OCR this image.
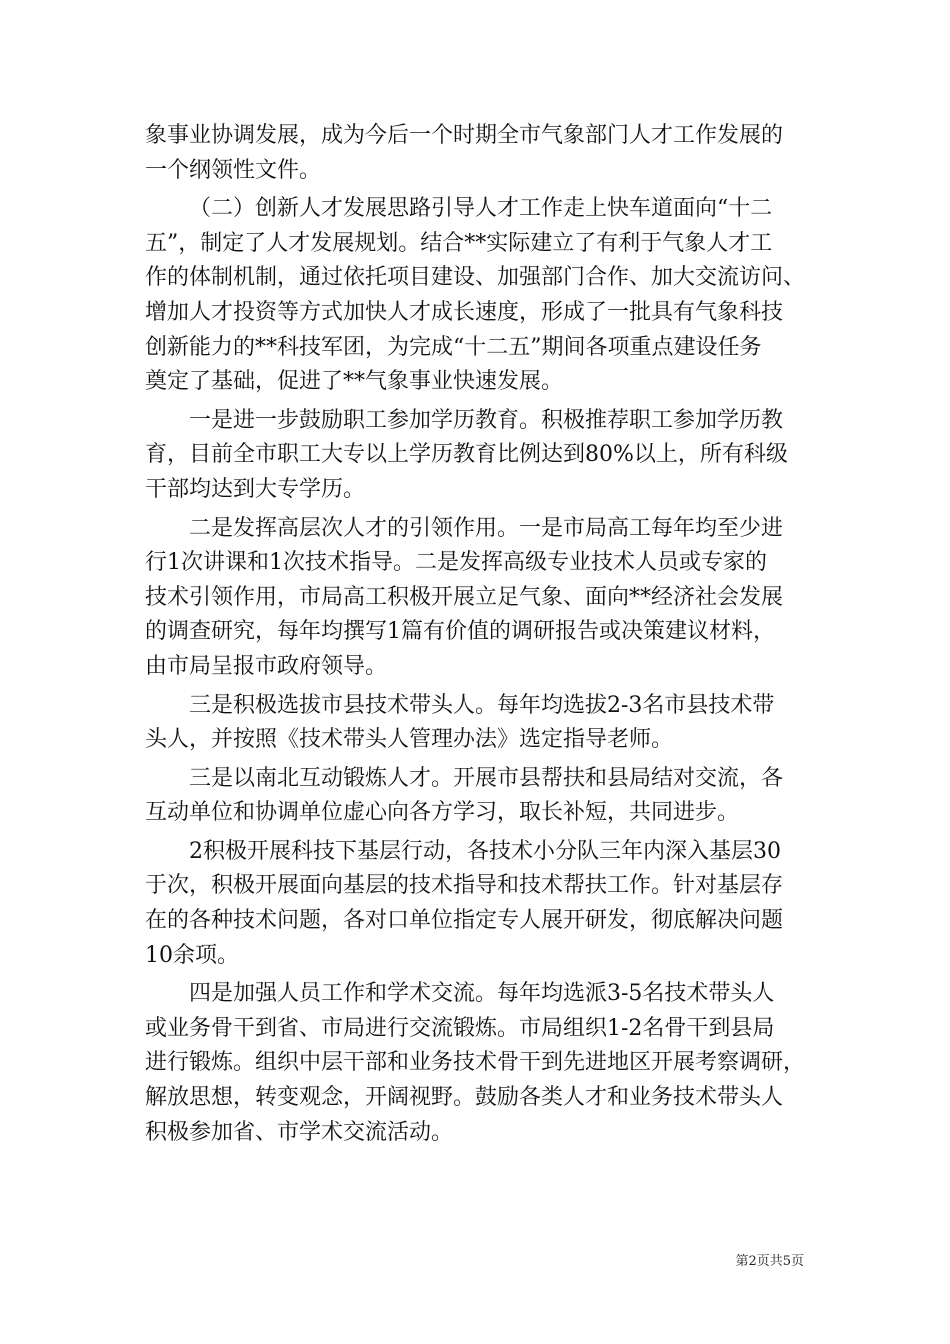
象事业协调发展，成为今后一个时期全市气象部门人才工作发展的
一个纲领性文件。
（二）创新人才发展思路引导人才工作走上快车道面向“十二
五”，制定了人才发展规划。结合**实际建立了有利于气象人才工
作的体制机制，通过依托项目建设、加强部门合作、加大交流访问、
增加人才投资等方式加快人才成长速度，形成了一批具有气象科技
创新能力的**科技军团，为完成“十二五”期间各项重点建设任务
奠定了基础，促进了**气象事业快速发展。
一是进一步鼓励职工参加学历教育。积极推荐职工参加学历教
育，目前全市职工大专以上学历教育比例达到80%以上，所有科级
干部均达到大专学历。
二是发挥高层次人才的引领作用。一是市局高工每年均至少进
行1次讲课和1次技术指导。二是发挥高级专业技术人员或专家的
技术引领作用，市局高工积极开展立足气象、面向**经济社会发展
的调查研究，每年均撰写1篇有价值的调研报告或决策建议材料，
由市局呈报市政府领导。
三是积极选拔市县技术带头人。每年均选拔2-3名市县技术带
头人，并按照《技术带头人管理办法》选定指导老师。
三是以南北互动锻炼人才。开展市县帮扶和县局结对交流，各
互动单位和协调单位虚心向各方学习，取长补短，共同进步。
2积极开展科技下基层行动，各技术小分队三年内深入基层30
于次，积极开展面向基层的技术指导和技术帮扶工作。针对基层存
在的各种技术问题，各对口单位指定专人展开研发，彻底解决问题
10余项。
四是加强人员工作和学术交流。每年均选派3-5名技术带头人
或业务骨干到省、市局进行交流锻炼。市局组织1-2名骨干到县局
进行锻炼。组织中层干部和业务技术骨干到先进地区开展考察调研，
解放思想，转变观念，开阔视野。鼓励各类人才和业务技术带头人
积极参加省、市学术交流活动。
第2页共5页
